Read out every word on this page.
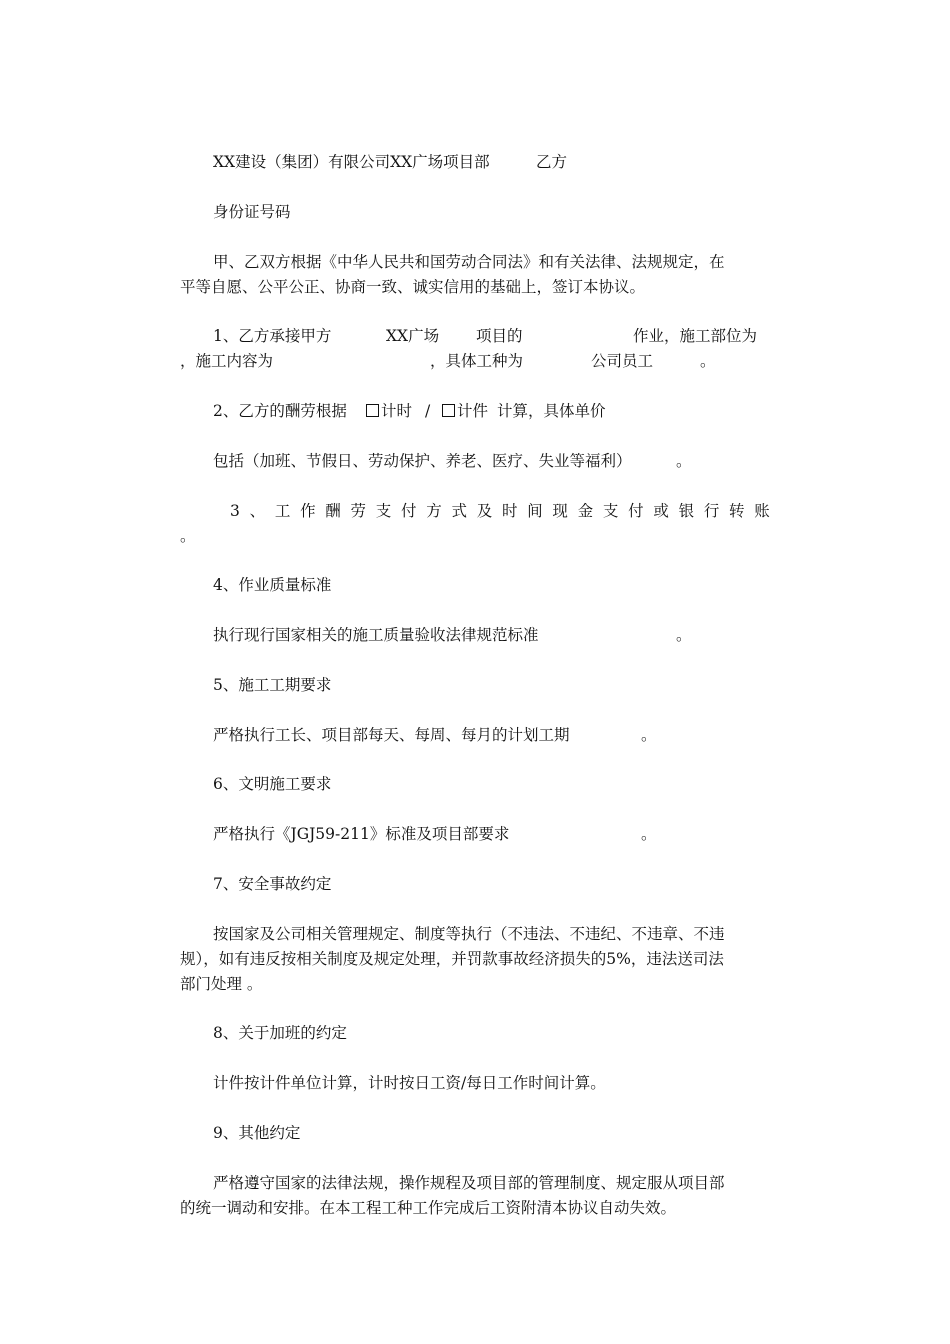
XX建设（集团）有限公司XX广场项目部	乙方
身份证号码
甲、乙双方根据《中华人民共和国劳动合同法》和有关法律、法规规定，在
平等自愿、公平公正、协商一致、诚实信用的基础上，签订本协议。
1、乙方承接甲方	XX广场 项目的	作业，施工部位为
，施工内容为	，具体工种为	公司员工	。
2、乙方的酬劳根据	计时 /	计件 计算，具体单价
包括（加班、节假日、劳动保护、养老、医疗、失业等福利）	。
3 、 工 作 酬 劳 支 付 方 式 及 时 间 现 金 支 付 或 银 行 转 账
。
4、作业质量标准
执行现行国家相关的施工质量验收法律规范标准	。
5、施工工期要求
严格执行工长、项目部每天、每周、每月的计划工期	。
6、文明施工要求
严格执行《JGJ59-211》标准及项目部要求	。
7、安全事故约定
按国家及公司相关管理规定、制度等执行（不违法、不违纪、不违章、不违
规），如有违反按相关制度及规定处理，并罚款事故经济损失的5%，违法送司法
部门处理 。
8、关于加班的约定
计件按计件单位计算，计时按日工资/每日工作时间计算。
9、其他约定
严格遵守国家的法律法规，操作规程及项目部的管理制度、规定服从项目部
的统一调动和安排。在本工程工种工作完成后工资附清本协议自动失效。
